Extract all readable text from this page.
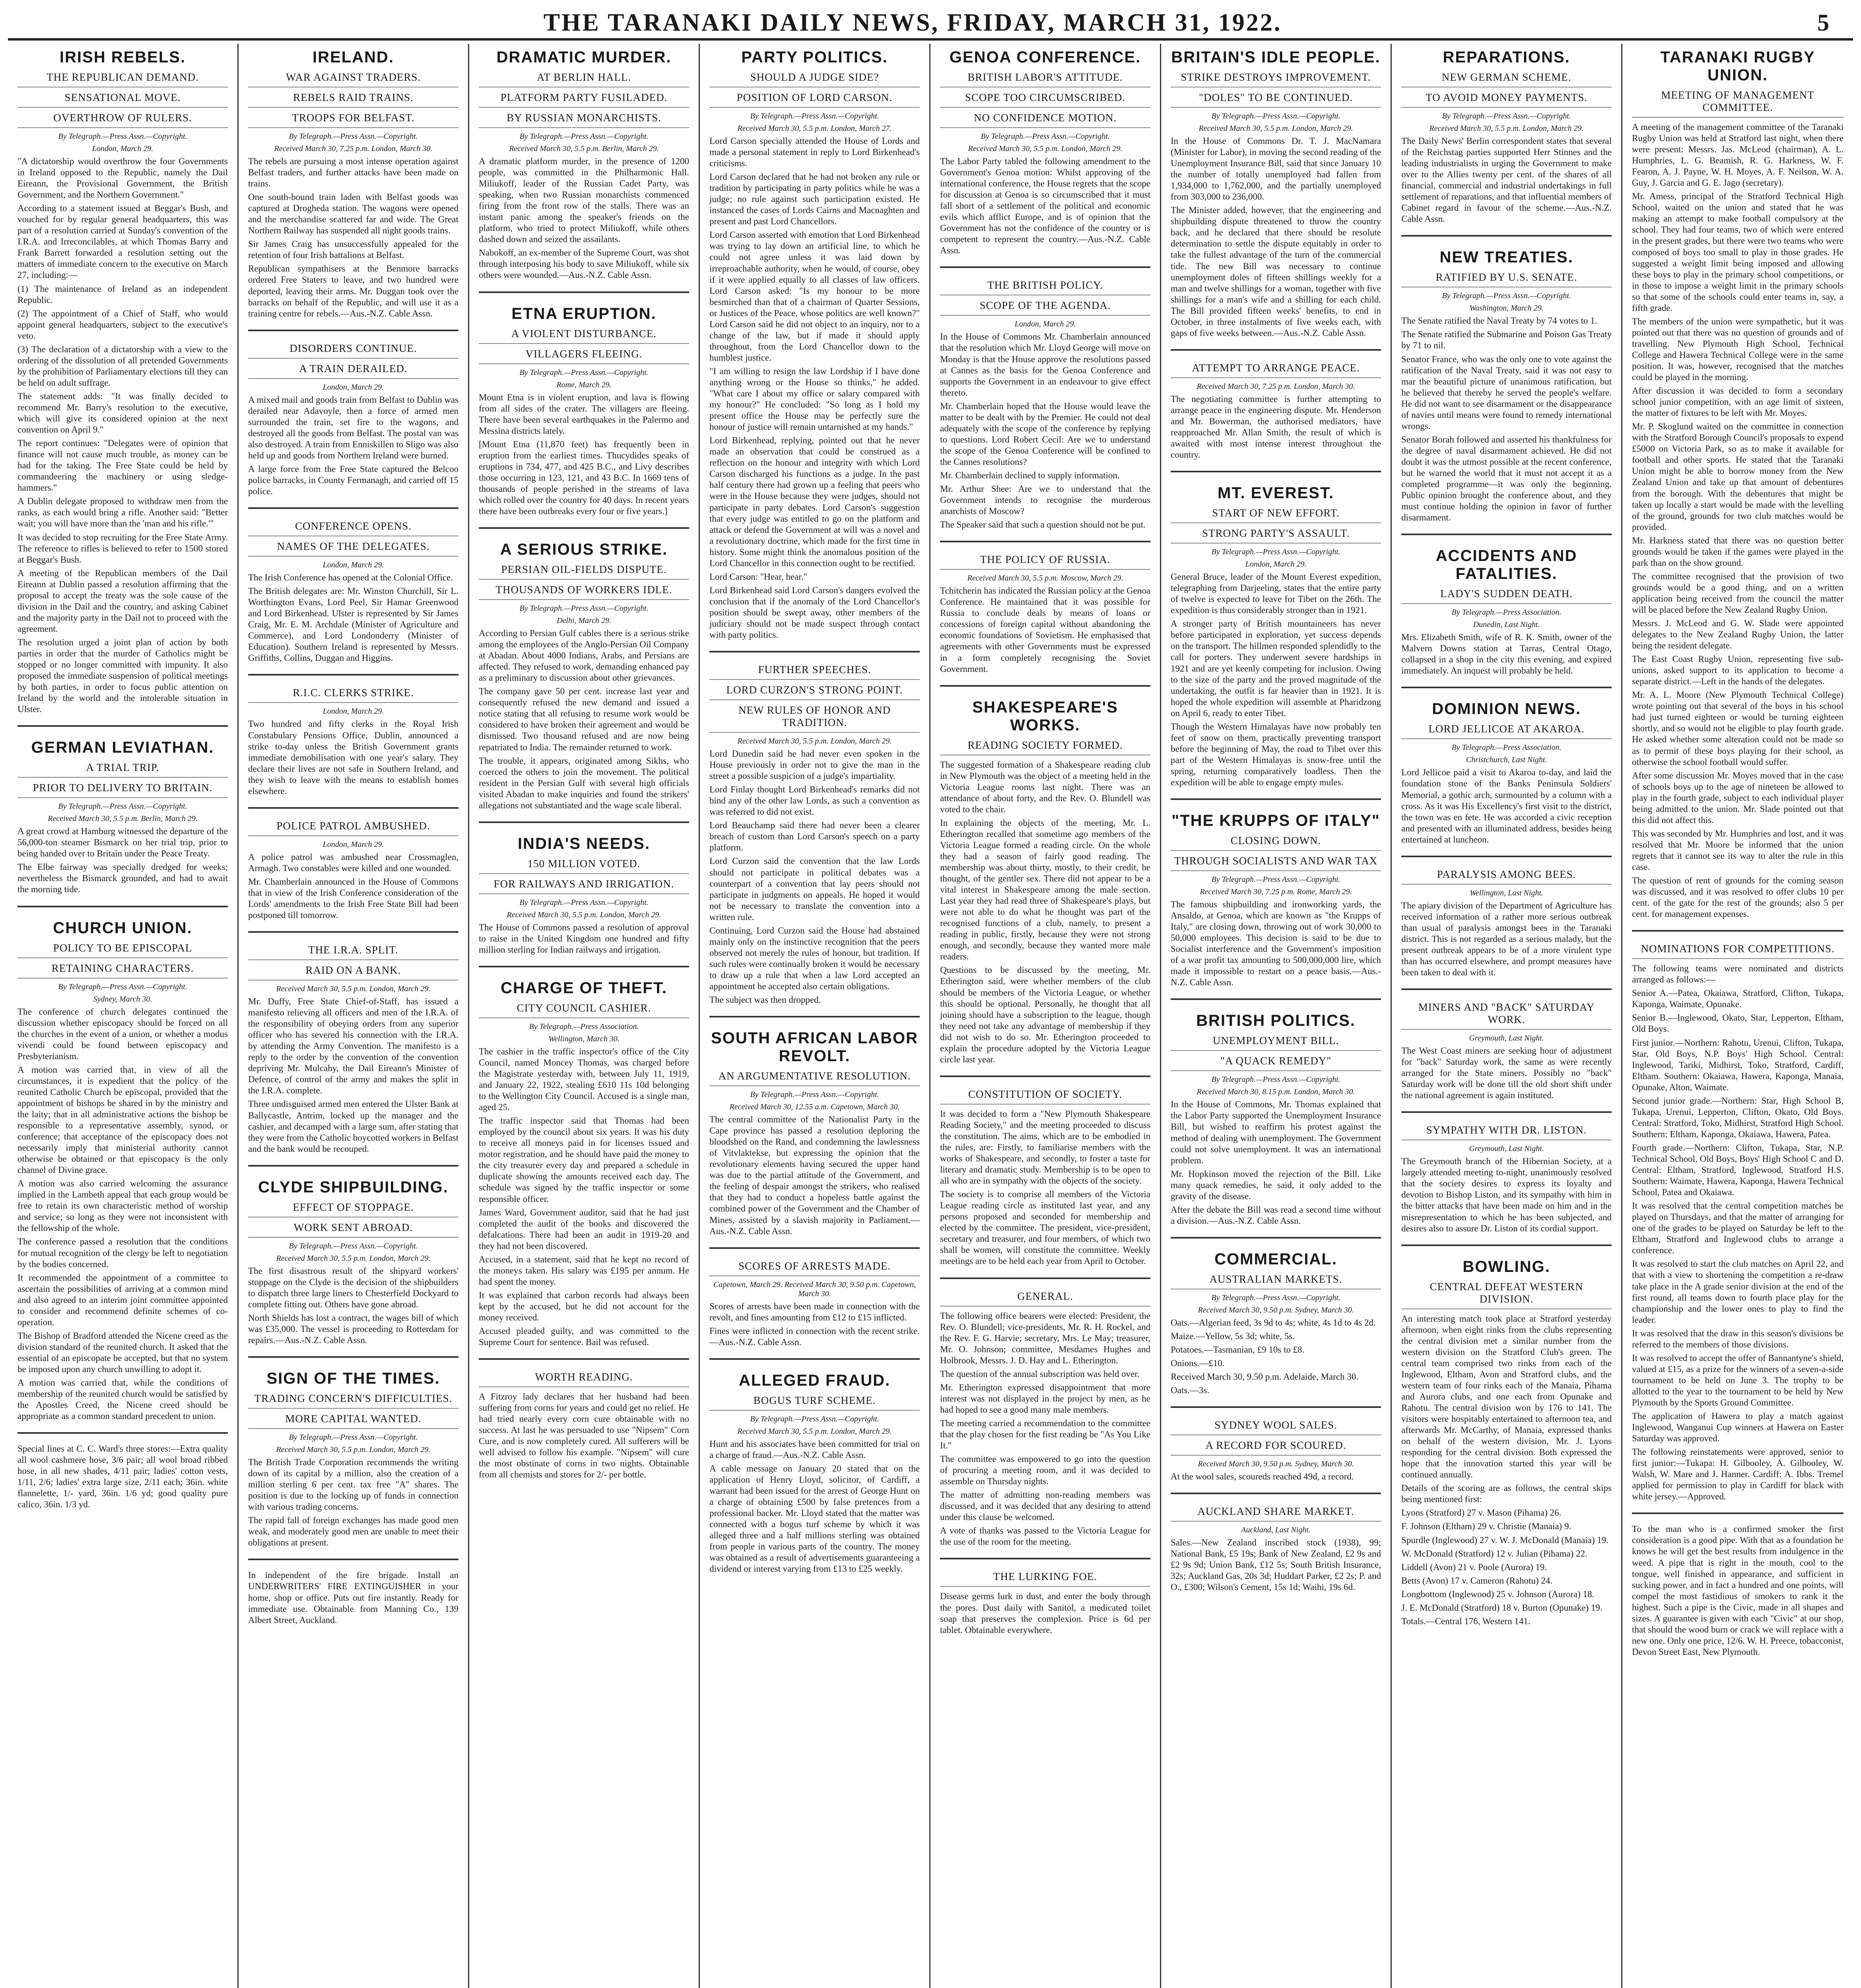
THE TARANAKI DAILY NEWS, FRIDAY, MARCH 31, 1922.	5
IRISH REBELS.
THE REPUBLICAN DEMAND.
SENSATIONAL MOVE.
OVERTHROW OF RULERS.
By Telegraph.—Press Assn.—Copyright.
London, March 29.

"A dictatorship would overthrow the four Governments in Ireland opposed to the Republic, namely the Dail Eireann, the Provisional Government, the British Government, and the Northern Government."

According to a statement issued at Beggar's Bush, and vouched for by regular general headquarters, this was part of a resolution carried at Sunday's convention of the I.R.A. and Irreconcilables, at which Thomas Barry and Frank Barrett forwarded a resolution setting out the matters of immediate concern to the executive on March 27, including:—

(1) The maintenance of Ireland as an independent Republic.

(2) The appointment of a Chief of Staff, who would appoint general headquarters, subject to the executive's veto.

(3) The declaration of a dictatorship with a view to the ordering of the dissolution of all pretended Governments by the prohibition of Parliamentary elections till they can be held on adult suffrage.

The statement adds: "It was finally decided to recommend Mr. Barry's resolution to the executive, which will give its considered opinion at the next convention on April 9."

The report continues: "Delegates were of opinion that finance will not cause much trouble, as money can be had for the taking. The Free State could be held by commandeering the machinery or using sledge-hammers."

A Dublin delegate proposed to withdraw men from the ranks, as each would bring a rifle. Another said: "Better wait; you will have more than the 'man and his rifle.'"

It was decided to stop recruiting for the Free State Army. The reference to rifles is believed to refer to 1500 stored at Beggar's Bush.

A meeting of the Republican members of the Dail Eireann at Dublin passed a resolution affirming that the proposal to accept the treaty was the sole cause of the division in the Dail and the country, and asking Cabinet and the majority party in the Dail not to proceed with the agreement.

The resolution urged a joint plan of action by both parties in order that the murder of Catholics might be stopped or no longer committed with impunity. It also proposed the immediate suspension of political meetings by both parties, in order to focus public attention on Ireland by the world and the intolerable situation in Ulster.

GERMAN LEVIATHAN.
A TRIAL TRIP.
PRIOR TO DELIVERY TO BRITAIN.
By Telegraph.—Press Assn.—Copyright.
Received March 30, 5.5 p.m. Berlin, March 29.

A great crowd at Hamburg witnessed the departure of the 56,000-ton steamer Bismarck on her trial trip, prior to being handed over to Britain under the Peace Treaty.

The Elbe fairway was specially dredged for weeks; nevertheless the Bismarck grounded, and had to await the morning tide.

CHURCH UNION.
POLICY TO BE EPISCOPAL
RETAINING CHARACTERS.
By Telegraph.—Press Assn.—Copyright.
Sydney, March 30.

The conference of church delegates continued the discussion whether episcopacy should be forced on all the churches in the event of a union, or whether a modus vivendi could be found between episcopacy and Presbyterianism.

A motion was carried that, in view of all the circumstances, it is expedient that the policy of the reunited Catholic Church be episcopal, provided that the appointment of bishops be shared in by the ministry and the laity; that in all administrative actions the bishop be responsible to a representative assembly, synod, or conference; that acceptance of the episcopacy does not necessarily imply that ministerial authority cannot otherwise be obtained or that episcopacy is the only channel of Divine grace.

A motion was also carried welcoming the assurance implied in the Lambeth appeal that each group would be free to retain its own characteristic method of worship and service; so long as they were not inconsistent with the fellowship of the whole.

The conference passed a resolution that the conditions for mutual recognition of the clergy be left to negotiation by the bodies concerned.

It recommended the appointment of a committee to ascertain the possibilities of arriving at a common mind and also agreed to an interim joint committee appointed to consider and recommend definite schemes of co-operation.

The Bishop of Bradford attended the Nicene creed as the division standard of the reunited church. It asked that the essential of an episcopate be accepted, but that no system be imposed upon any church unwilling to adopt it.

A motion was carried that, while the conditions of membership of the reunited church would be satisfied by the Apostles Creed, the Nicene creed should be appropriate as a common standard precedent to union.

Special lines at C. C. Ward's three stores:—Extra quality all wool cashmere hose, 3/6 pair; all wool broad ribbed hose, in all new shades, 4/11 pair; ladies' cotton vests, 1/11, 2/6; ladies' extra large size, 2/11 each; 36in. white flannelette, 1/- yard, 36in. 1/6 yd; good quality pure calico, 36in. 1/3 yd.

IRELAND.
WAR AGAINST TRADERS.
REBELS RAID TRAINS.
TROOPS FOR BELFAST.
By Telegraph.—Press Assn.—Copyright.
Received March 30, 7.25 p.m. London, March 30.

The rebels are pursuing a most intense operation against Belfast traders, and further attacks have been made on trains.

One south-bound train laden with Belfast goods was captured at Drogheda station. The wagons were opened and the merchandise scattered far and wide. The Great Northern Railway has suspended all night goods trains.

Sir James Craig has unsuccessfully appealed for the retention of four Irish battalions at Belfast.

Republican sympathisers at the Benmore barracks ordered Free Staters to leave, and two hundred were deported, leaving their arms. Mr. Duggan took over the barracks on behalf of the Republic, and will use it as a training centre for rebels.—Aus.-N.Z. Cable Assn.

DISORDERS CONTINUE.
A TRAIN DERAILED.
London, March 29.

A mixed mail and goods train from Belfast to Dublin was derailed near Adavoyle, then a force of armed men surrounded the train, set fire to the wagons, and destroyed all the goods from Belfast. The postal van was also destroyed. A train from Enniskillen to Sligo was also held up and goods from Northern Ireland were burned.

A large force from the Free State captured the Belcoo police barracks, in County Fermanagh, and carried off 15 police.

CONFERENCE OPENS.
NAMES OF THE DELEGATES.
London, March 29.

The Irish Conference has opened at the Colonial Office.

The British delegates are: Mr. Winston Churchill, Sir L. Worthington Evans, Lord Peel, Sir Hamar Greenwood and Lord Birkenhead. Ulster is represented by Sir James Craig, Mr. E. M. Archdale (Minister of Agriculture and Commerce), and Lord Londonderry (Minister of Education). Southern Ireland is represented by Messrs. Griffiths, Collins, Duggan and Higgins.

R.I.C. CLERKS STRIKE.
London, March 29.

Two hundred and fifty clerks in the Royal Irish Constabulary Pensions Office, Dublin, announced a strike to-day unless the British Government grants immediate demobilisation with one year's salary. They declare their lives are not safe in Southern Ireland, and they wish to leave with the means to establish homes elsewhere.

POLICE PATROL AMBUSHED.
London, March 29.

A police patrol was ambushed near Crossmaglen, Armagh. Two constables were killed and one wounded.

Mr. Chamberlain announced in the House of Commons that in view of the Irish Conference consideration of the Lords' amendments to the Irish Free State Bill had been postponed till tomorrow.

THE I.R.A. SPLIT.
RAID ON A BANK.
Received March 30, 5.5 p.m. London, March 29.

Mr. Duffy, Free State Chief-of-Staff, has issued a manifesto relieving all officers and men of the I.R.A. of the responsibility of obeying orders from any superior officer who has severed his connection with the I.R.A. by attending the Army Convention. The manifesto is a reply to the order by the convention of the convention depriving Mr. Mulcahy, the Dail Eireann's Minister of Defence, of control of the army and makes the split in the I.R.A. complete.

Three undisguised armed men entered the Ulster Bank at Ballycastle, Antrim, locked up the manager and the cashier, and decamped with a large sum, after stating that they were from the Catholic boycotted workers in Belfast and the bank would be recouped.

CLYDE SHIPBUILDING.
EFFECT OF STOPPAGE.
WORK SENT ABROAD.
By Telegraph.—Press Assn.—Copyright.
Received March 30, 5.5 p.m. London, March 29.

The first disastrous result of the shipyard workers' stoppage on the Clyde is the decision of the shipbuilders to dispatch three large liners to Chesterfield Dockyard to complete fitting out. Others have gone abroad.

North Shields has lost a contract, the wages bill of which was £35,000. The vessel is proceeding to Rotterdam for repairs.—Aus.-N.Z. Cable Assn.

SIGN OF THE TIMES.
TRADING CONCERN'S DIFFICULTIES.
MORE CAPITAL WANTED.
By Telegraph.—Press Assn.—Copyright.
Received March 30, 5.5 p.m. London, March 29.

The British Trade Corporation recommends the writing down of its capital by a million, also the creation of a million sterling 6 per cent. tax free "A" shares. The position is due to the locking up of funds in connection with various trading concerns.

The rapid fall of foreign exchanges has made good men weak, and moderately good men are unable to meet their obligations at present.

In independent of the fire brigade. Install an UNDERWRITERS' FIRE EXTINGUISHER in your home, shop or office. Puts out fire instantly. Ready for immediate use. Obtainable from Manning Co., 139 Albert Street, Auckland.

DRAMATIC MURDER.
AT BERLIN HALL.
PLATFORM PARTY FUSILADED.
BY RUSSIAN MONARCHISTS.
By Telegraph.—Press Assn.—Copyright.
Received March 30, 5.5 p.m. Berlin, March 29.

A dramatic platform murder, in the presence of 1200 people, was committed in the Philharmonic Hall. Miliukoff, leader of the Russian Cadet Party, was speaking, when two Russian monarchists commenced firing from the front row of the stalls. There was an instant panic among the speaker's friends on the platform, who tried to protect Miliukoff, while others dashed down and seized the assailants.

Nabokoff, an ex-member of the Supreme Court, was shot through interposing his body to save Miliukoff, while six others were wounded.—Aus.-N.Z. Cable Assn.

ETNA ERUPTION.
A VIOLENT DISTURBANCE.
VILLAGERS FLEEING.
By Telegraph.—Press Assn.—Copyright.
Rome, March 29.

Mount Etna is in violent eruption, and lava is flowing from all sides of the crater. The villagers are fleeing. There have been several earthquakes in the Palermo and Messina districts lately.

[Mount Etna (11,870 feet) has frequently been in eruption from the earliest times. Thucydides speaks of eruptions in 734, 477, and 425 B.C., and Livy describes those occurring in 123, 121, and 43 B.C. In 1669 tens of thousands of people perished in the streams of lava which rolled over the country for 40 days. In recent years there have been outbreaks every four or five years.]

A SERIOUS STRIKE.
PERSIAN OIL-FIELDS DISPUTE.
THOUSANDS OF WORKERS IDLE.
By Telegraph.—Press Assn.—Copyright.
Delhi, March 29.

According to Persian Gulf cables there is a serious strike among the employees of the Anglo-Persian Oil Company at Abadan. About 4000 Indians, Arabs, and Persians are affected. They refused to work, demanding enhanced pay as a preliminary to discussion about other grievances.

The company gave 50 per cent. increase last year and consequently refused the new demand and issued a notice stating that all refusing to resume work would be considered to have broken their agreement and would be dismissed. Two thousand refused and are now being repatriated to India. The remainder returned to work.

The trouble, it appears, originated among Sikhs, who coerced the others to join the movement. The political resident in the Persian Gulf with several high officials visited Abadan to make inquiries and found the strikers' allegations not substantiated and the wage scale liberal.

INDIA'S NEEDS.
150 MILLION VOTED.
FOR RAILWAYS AND IRRIGATION.
By Telegraph.—Press Assn.—Copyright.
Received March 30, 5.5 p.m. London, March 29.

The House of Commons passed a resolution of approval to raise in the United Kingdom one hundred and fifty million sterling for Indian railways and irrigation.

CHARGE OF THEFT.
CITY COUNCIL CASHIER.
By Telegraph.—Press Association.
Wellington, March 30.

The cashier in the traffic inspector's office of the City Council, named Moncey Thomas, was charged before the Magistrate yesterday with, between July 11, 1919, and January 22, 1922, stealing £610 11s 10d belonging to the Wellington City Council. Accused is a single man, aged 25.

The traffic inspector said that Thomas had been employed by the council about six years. It was his duty to receive all moneys paid in for licenses issued and motor registration, and he should have paid the money to the city treasurer every day and prepared a schedule in duplicate showing the amounts received each day. The schedule was signed by the traffic inspector or some responsible officer.

James Ward, Government auditor, said that he had just completed the audit of the books and discovered the defalcations. There had been an audit in 1919-20 and they had not been discovered.

Accused, in a statement, said that he kept no record of the moneys taken. His salary was £195 per annum. He had spent the money.

It was explained that carbon records had always been kept by the accused, but he did not account for the money received.

Accused pleaded guilty, and was committed to the Supreme Court for sentence. Bail was refused.

WORTH READING.

A Fitzroy lady declares that her husband had been suffering from corns for years and could get no relief. He had tried nearly every corn cure obtainable with no success. At last he was persuaded to use "Nipsem" Corn Cure, and is now completely cured. All sufferers will be well advised to follow his example. "Nipsem" will cure the most obstinate of corns in two nights. Obtainable from all chemists and stores for 2/- per bottle.

PARTY POLITICS.
SHOULD A JUDGE SIDE?
POSITION OF LORD CARSON.
By Telegraph.—Press Assn.—Copyright.
Received March 30, 5.5 p.m. London, March 27.

Lord Carson specially attended the House of Lords and made a personal statement in reply to Lord Birkenhead's criticisms.

Lord Carson declared that he had not broken any rule or tradition by participating in party politics while he was a judge; no rule against such participation existed. He instanced the cases of Lords Cairns and Macnaghten and present and past Lord Chancellors.

Lord Carson asserted with emotion that Lord Birkenhead was trying to lay down an artificial line, to which he could not agree unless it was laid down by irreproachable authority, when he would, of course, obey if it were applied equally to all classes of law officers. Lord Carson asked: "Is my honour to be more besmirched than that of a chairman of Quarter Sessions, or Justices of the Peace, whose politics are well known?" Lord Carson said he did not object to an inquiry, nor to a change of the law, but if made it should apply throughout, from the Lord Chancellor down to the humblest justice.

"I am willing to resign the law Lordship if I have done anything wrong or the House so thinks," he added. "What care I about my office or salary compared with my honour?" He concluded: "So long as I hold my present office the House may be perfectly sure the honour of justice will remain untarnished at my hands."

Lord Birkenhead, replying, pointed out that he never made an observation that could be construed as a reflection on the honour and integrity with which Lord Carson discharged his functions as a judge. In the past half century there had grown up a feeling that peers who were in the House because they were judges, should not participate in party debates. Lord Carson's suggestion that every judge was entitled to go on the platform and attack or defend the Government at will was a novel and a revolutionary doctrine, which made for the first time in history. Some might think the anomalous position of the Lord Chancellor in this connection ought to be rectified.

Lord Carson: "Hear, hear."

Lord Birkenhead said Lord Carson's dangers evolved the conclusion that if the anomaly of the Lord Chancellor's position should be swept away, other members of the judiciary should not be made suspect through contact with party politics.

FURTHER SPEECHES.
LORD CURZON'S STRONG POINT.
NEW RULES OF HONOR AND TRADITION.
Received March 30, 5.5 p.m. London, March 29.

Lord Dunedin said he had never even spoken in the House previously in order not to give the man in the street a possible suspicion of a judge's impartiality.

Lord Finlay thought Lord Birkenhead's remarks did not bind any of the other law Lords, as such a convention as was referred to did not exist.

Lord Beauchamp said there had never been a clearer breach of custom than Lord Carson's speech on a party platform.

Lord Curzon said the convention that the law Lords should not participate in political debates was a counterpart of a convention that lay peers should not participate in judgments on appeals. He hoped it would not be necessary to translate the convention into a written rule.

Continuing, Lord Curzon said the House had abstained mainly only on the instinctive recognition that the peers observed not merely the rules of honour, but tradition. If such rules were continually broken it would be necessary to draw up a rule that when a law Lord accepted an appointment he accepted also certain obligations.

The subject was then dropped.

SOUTH AFRICAN LABOR REVOLT.
AN ARGUMENTATIVE RESOLUTION.
By Telegraph.—Press Assn.—Copyright.
Received March 30, 12.55 a.m. Capetown, March 30.

The central committee of the Nationalist Party in the Cape province has passed a resolution deploring the bloodshed on the Rand, and condemning the lawlessness of Vitvlaktekse, but expressing the opinion that the revolutionary elements having secured the upper hand was due to the partial attitude of the Government, and the feeling of despair amongst the strikers, who realised that they had to conduct a hopeless battle against the combined power of the Government and the Chamber of Mines, assisted by a slavish majority in Parliament.—Aus.-N.Z. Cable Assn.

SCORES OF ARRESTS MADE.
Capetown, March 29. Received March 30, 9.50 p.m. Capetown, March 30.

Scores of arrests have been made in connection with the revolt, and fines amounting from £12 to £15 inflicted.

Fines were inflicted in connection with the recent strike.—Aus.-N.Z. Cable Assn.

ALLEGED FRAUD.
BOGUS TURF SCHEME.
By Telegraph.—Press Assn.—Copyright.
Received March 30, 5.5 p.m. London, March 29.

Hunt and his associates have been committed for trial on a charge of fraud.—Aus.-N.Z. Cable Assn.

A cable message on January 20 stated that on the application of Henry Lloyd, solicitor, of Cardiff, a warrant had been issued for the arrest of George Hunt on a charge of obtaining £500 by false pretences from a professional backer. Mr. Lloyd stated that the matter was connected with a bogus turf scheme by which it was alleged three and a half millions sterling was obtained from people in various parts of the country. The money was obtained as a result of advertisements guaranteeing a dividend or interest varying from £13 to £25 weekly.

GENOA CONFERENCE.
BRITISH LABOR'S ATTITUDE.
SCOPE TOO CIRCUMSCRIBED.
NO CONFIDENCE MOTION.
By Telegraph.—Press Assn.—Copyright.
Received March 30, 5.5 p.m. London, March 29.

The Labor Party tabled the following amendment to the Government's Genoa motion: Whilst approving of the international conference, the House regrets that the scope for discussion at Genoa is so circumscribed that it must fall short of a settlement of the political and economic evils which afflict Europe, and is of opinion that the Government has not the confidence of the country or is competent to represent the country.—Aus.-N.Z. Cable Assn.

THE BRITISH POLICY.
SCOPE OF THE AGENDA.
London, March 29.

In the House of Commons Mr. Chamberlain announced that the resolution which Mr. Lloyd George will move on Monday is that the House approve the resolutions passed at Cannes as the basis for the Genoa Conference and supports the Government in an endeavour to give effect thereto.

Mr. Chamberlain hoped that the House would leave the matter to be dealt with by the Premier. He could not deal adequately with the scope of the conference by replying to questions. Lord Robert Cecil: Are we to understand the scope of the Genoa Conference will be confined to the Cannes resolutions?

Mr. Chamberlain declined to supply information.

Mr. Arthur Shee: Are we to understand that the Government intends to recognise the murderous anarchists of Moscow?

The Speaker said that such a question should not be put.

THE POLICY OF RUSSIA.
Received March 30, 5.5 p.m. Moscow, March 29.

Tchitcherin has indicated the Russian policy at the Genoa Conference. He maintained that it was possible for Russia to conclude deals by means of loans or concessions of foreign capital without abandoning the economic foundations of Sovietism. He emphasised that agreements with other Governments must be expressed in a form completely recognising the Soviet Government.

SHAKESPEARE'S WORKS.
READING SOCIETY FORMED.

The suggested formation of a Shakespeare reading club in New Plymouth was the object of a meeting held in the Victoria League rooms last night. There was an attendance of about forty, and the Rev. O. Blundell was voted to the chair.

In explaining the objects of the meeting, Mr. L. Etherington recalled that sometime ago members of the Victoria League formed a reading circle. On the whole they had a season of fairly good reading. The membership was about thirty, mostly, to their credit, he thought, of the gentler sex. There did not appear to be a vital interest in Shakespeare among the male section. Last year they had read three of Shakespeare's plays, but were not able to do what he thought was part of the recognised functions of a club, namely, to present a reading in public, firstly, because they were not strong enough, and secondly, because they wanted more male readers.

Questions to be discussed by the meeting, Mr. Etherington said, were whether members of the club should be members of the Victoria League, or whether this should be optional. Personally, he thought that all joining should have a subscription to the league, though they need not take any advantage of membership if they did not wish to do so. Mr. Etherington proceeded to explain the procedure adopted by the Victoria League circle last year.

CONSTITUTION OF SOCIETY.

It was decided to form a "New Plymouth Shakespeare Reading Society," and the meeting proceeded to discuss the constitution. The aims, which are to be embodied in the rules, are: Firstly, to familiarise members with the works of Shakespeare, and secondly, to foster a taste for literary and dramatic study. Membership is to be open to all who are in sympathy with the objects of the society.

The society is to comprise all members of the Victoria League reading circle as instituted last year, and any persons proposed and seconded for membership and elected by the committee. The president, vice-president, secretary and treasurer, and four members, of which two shall be women, will constitute the committee. Weekly meetings are to be held each year from April to October.

GENERAL.

The following office bearers were elected: President, the Rev. O. Blundell; vice-presidents, Mr. R. H. Rockel, and the Rev. F. G. Harvie; secretary, Mrs. Le May; treasurer, Mr. O. Johnson; committee, Mesdames Hughes and Holbrook, Messrs. J. D. Hay and L. Etherington.

The question of the annual subscription was held over.

Mr. Etherington expressed disappointment that more interest was not displayed in the project by men, as he had hoped to see a good many male members.

The meeting carried a recommendation to the committee that the play chosen for the first reading be "As You Like It."

The committee was empowered to go into the question of procuring a meeting room, and it was decided to assemble on Thursday nights.

The matter of admitting non-reading members was discussed, and it was decided that any desiring to attend under this clause be welcomed.

A vote of thanks was passed to the Victoria League for the use of the room for the meeting.

THE LURKING FOE.

Disease germs lurk in dust, and enter the body through the pores. Dust daily with Sanitol, a medicated toilet soap that preserves the complexion. Price is 6d per tablet. Obtainable everywhere.

BRITAIN'S IDLE PEOPLE.
STRIKE DESTROYS IMPROVEMENT.
"DOLES" TO BE CONTINUED.
By Telegraph.—Press Assn.—Copyright.
Received March 30, 5.5 p.m. London, March 29.

In the House of Commons Dr. T. J. MacNamara (Minister for Labor), in moving the second reading of the Unemployment Insurance Bill, said that since January 10 the number of totally unemployed had fallen from 1,934,000 to 1,762,000, and the partially unemployed from 303,000 to 236,000.

The Minister added, however, that the engineering and shipbuilding dispute threatened to throw the country back, and he declared that there should be resolute determination to settle the dispute equitably in order to take the fullest advantage of the turn of the commercial tide. The new Bill was necessary to continue unemployment doles of fifteen shillings weekly for a man and twelve shillings for a woman, together with five shillings for a man's wife and a shilling for each child. The Bill provided fifteen weeks' benefits, to end in October, in three instalments of five weeks each, with gaps of five weeks between.—Aus.-N.Z. Cable Assn.

ATTEMPT TO ARRANGE PEACE.
Received March 30, 7.25 p.m. London, March 30.

The negotiating committee is further attempting to arrange peace in the engineering dispute. Mr. Henderson and Mr. Bowerman, the authorised mediators, have reapproached Mr. Allan Smith, the result of which is awaited with most intense interest throughout the country.

MT. EVEREST.
START OF NEW EFFORT.
STRONG PARTY'S ASSAULT.
By Telegraph.—Press Assn.—Copyright.
London, March 29.

General Bruce, leader of the Mount Everest expedition, telegraphing from Darjeeling, states that the entire party of twelve is expected to leave for Tibet on the 26th. The expedition is thus considerably stronger than in 1921.

A stronger party of British mountaineers has never before participated in exploration, yet success depends on the transport. The hillmen responded splendidly to the call for porters. They underwent severe hardships in 1921 and are yet keenly competing for inclusion. Owing to the size of the party and the proved magnitude of the undertaking, the outfit is far heavier than in 1921. It is hoped the whole expedition will assemble at Pharidzong on April 6, ready to enter Tibet.

Though the Western Himalayas have now probably ten feet of snow on them, practically preventing transport before the beginning of May, the road to Tibet over this part of the Western Himalayas is snow-free until the spring, returning comparatively loadless. Then the expedition will be able to engage empty mules.

"THE KRUPPS OF ITALY"
CLOSING DOWN.
THROUGH SOCIALISTS AND WAR TAX
By Telegraph.—Press Assn.—Copyright.
Received March 30, 7.25 p.m. Rome, March 29.

The famous shipbuilding and ironworking yards, the Ansaldo, at Genoa, which are known as "the Krupps of Italy," are closing down, throwing out of work 30,000 to 50,000 employees. This decision is said to be due to Socialist interference and the Government's imposition of a war profit tax amounting to 500,000,000 lire, which made it impossible to restart on a peace basis.—Aus.-N.Z. Cable Assn.

BRITISH POLITICS.
UNEMPLOYMENT BILL.
"A QUACK REMEDY"
By Telegraph.—Press Assn.—Copyright.
Received March 30, 8.15 p.m. London, March 30.

In the House of Commons, Mr. Thomas explained that the Labor Party supported the Unemployment Insurance Bill, but wished to reaffirm his protest against the method of dealing with unemployment. The Government could not solve unemployment. It was an international problem.

Mr. Hopkinson moved the rejection of the Bill. Like many quack remedies, he said, it only added to the gravity of the disease.

After the debate the Bill was read a second time without a division.—Aus.-N.Z. Cable Assn.

COMMERCIAL.
AUSTRALIAN MARKETS.
By Telegraph.—Press Assn.—Copyright.
Received March 30, 9.50 p.m. Sydney, March 30.

Oats.—Algerian feed, 3s 9d to 4s; white, 4s 1d to 4s 2d.

Maize.—Yellow, 5s 3d; white, 5s.

Potatoes.—Tasmanian, £9 10s to £8.

Onions.—£10.

Received March 30, 9.50 p.m. Adelaide, March 30.

Oats.—3s.

SYDNEY WOOL SALES.
A RECORD FOR SCOURED.
Received March 30, 9.50 p.m. Sydney, March 30.

At the wool sales, scoureds reached 49d, a record.

AUCKLAND SHARE MARKET.
Auckland, Last Night.

Sales.—New Zealand inscribed stock (1938), 99; National Bank, £5 19s; Bank of New Zealand, £2 9s and £2 9s 9d; Union Bank, £12 5s; South British Insurance, 32s; Auckland Gas, 20s 3d; Huddart Parker, £2 2s; P. and O., £300; Wilson's Cement, 15s 1d; Waihi, 19s 6d.

REPARATIONS.
NEW GERMAN SCHEME.
TO AVOID MONEY PAYMENTS.
By Telegraph.—Press Assn.—Copyright.
Received March 30, 5.5 p.m. London, March 29.

The Daily News' Berlin correspondent states that several of the Reichstag parties supported Herr Stinnes and the leading industrialists in urging the Government to make over to the Allies twenty per cent. of the shares of all financial, commercial and industrial undertakings in full settlement of reparations, and that influential members of Cabinet regard in favour of the scheme.—Aus.-N.Z. Cable Assn.

NEW TREATIES.
RATIFIED BY U.S. SENATE.
By Telegraph.—Press Assn.—Copyright.
Washington, March 29.

The Senate ratified the Naval Treaty by 74 votes to 1.

The Senate ratified the Submarine and Poison Gas Treaty by 71 to nil.

Senator France, who was the only one to vote against the ratification of the Naval Treaty, said it was not easy to mar the beautiful picture of unanimous ratification, but he believed that thereby he served the people's welfare. He did not want to see disarmament or the disappearance of navies until means were found to remedy international wrongs.

Senator Borah followed and asserted his thankfulness for the degree of naval disarmament achieved. He did not doubt it was the utmost possible at the recent conference, but he warned the world that it must not accept it as a completed programme—it was only the beginning. Public opinion brought the conference about, and they must continue holding the opinion in favor of further disarmament.

ACCIDENTS AND FATALITIES.
LADY'S SUDDEN DEATH.
By Telegraph.—Press Association.
Dunedin, Last Night.

Mrs. Elizabeth Smith, wife of R. K. Smith, owner of the Malvern Downs station at Tarras, Central Otago, collapsed in a shop in the city this evening, and expired immediately. An inquest will probably be held.

DOMINION NEWS.
LORD JELLICOE AT AKAROA.
By Telegraph.—Press Association.
Christchurch, Last Night.

Lord Jellicoe paid a visit to Akaroa to-day, and laid the foundation stone of the Banks Peninsula Soldiers' Memorial, a gothic arch, surmounted by a column with a cross. As it was His Excellency's first visit to the district, the town was en fete. He was accorded a civic reception and presented with an illuminated address, besides being entertained at luncheon.

PARALYSIS AMONG BEES.
Wellington, Last Night.

The apiary division of the Department of Agriculture has received information of a rather more serious outbreak than usual of paralysis amongst bees in the Taranaki district. This is not regarded as a serious malady, but the present outbreak appears to be of a more virulent type than has occurred elsewhere, and prompt measures have been taken to deal with it.

MINERS AND "BACK" SATURDAY WORK.
Greymouth, Last Night.

The West Coast miners are seeking hour of adjustment for "back" Saturday work, the same as were recently arranged for the State miners. Possibly no "back" Saturday work will be done till the old short shift under the national agreement is again instituted.

SYMPATHY WITH DR. LISTON.
Greymouth, Last Night.

The Greymouth branch of the Hibernian Society, at a largely attended meeting to-night, unanimously resolved that the society desires to express its loyalty and devotion to Bishop Liston, and its sympathy with him in the bitter attacks that have been made on him and in the misrepresentation to which he has been subjected, and desires also to assure Dr. Liston of its cordial support.

BOWLING.
CENTRAL DEFEAT WESTERN DIVISION.

An interesting match took place at Stratford yesterday afternoon, when eight rinks from the clubs representing the central division met a similar number from the western division on the Stratford Club's green. The central team comprised two rinks from each of the Inglewood, Eltham, Avon and Stratford clubs, and the western team of four rinks each of the Manaia, Pihama and Aurora clubs, and one each from Opunake and Rahotu. The central division won by 176 to 141. The visitors were hospitably entertained to afternoon tea, and afterwards Mr. McCarthy, of Manaia, expressed thanks on behalf of the western division, Mr. J. Lyons responding for the central division. Both expressed the hope that the innovation started this year will be continued annually.

Details of the scoring are as follows, the central skips being mentioned first:

Lyons (Stratford) 27 v. Mason (Pihama) 26.

F. Johnson (Eltham) 29 v. Christie (Manaia) 9.

Spurdle (Inglewood) 27 v. W. J. McDonald (Manaia) 19.

W. McDonald (Stratford) 12 v. Julian (Pihama) 22.

Liddell (Avon) 21 v. Poole (Aurora) 19.

Betts (Avon) 17 v. Cameron (Rahotu) 24.

Longbottom (Inglewood) 25 v. Johnson (Aurora) 18.

J. E. McDonald (Stratford) 18 v. Burton (Opunake) 19.

Totals.—Central 176, Western 141.

TARANAKI RUGBY UNION.
MEETING OF MANAGEMENT COMMITTEE.

A meeting of the management committee of the Taranaki Rugby Union was held at Stratford last night, when there were present: Messrs. Jas. McLeod (chairman), A. L. Humphries, L. G. Beamish, R. G. Harkness, W. F. Fearon, A. J. Payne, W. H. Moyes, A. F. Neilson, W. A. Guy, J. Garcia and G. E. Jago (secretary).

Mr. Amess, principal of the Stratford Technical High School, waited on the union and stated that he was making an attempt to make football compulsory at the school. They had four teams, two of which were entered in the present grades, but there were two teams who were composed of boys too small to play in those grades. He suggested a weight limit being imposed and allowing these boys to play in the primary school competitions, or in those to impose a weight limit in the primary schools so that some of the schools could enter teams in, say, a fifth grade.

The members of the union were sympathetic, but it was pointed out that there was no question of grounds and of travelling. New Plymouth High School, Technical College and Hawera Technical College were in the same position. It was, however, recognised that the matches could be played in the morning.

After discussion it was decided to form a secondary school junior competition, with an age limit of sixteen, the matter of fixtures to be left with Mr. Moyes.

Mr. P. Skoglund waited on the committee in connection with the Stratford Borough Council's proposals to expend £5000 on Victoria Park, so as to make it available for football and other sports. He stated that the Taranaki Union might be able to borrow money from the New Zealand Union and take up that amount of debentures from the borough. With the debentures that might be taken up locally a start would be made with the levelling of the ground, grounds for two club matches would be provided.

Mr. Harkness stated that there was no question better grounds would be taken if the games were played in the park than on the show ground.

The committee recognised that the provision of two grounds would be a good thing, and on a written application being received from the council the matter will be placed before the New Zealand Rugby Union.

Messrs. J. McLeod and G. W. Slade were appointed delegates to the New Zealand Rugby Union, the latter being the resident delegate.

The East Coast Rugby Union, representing five sub-unions, asked support to its application to become a separate district.—Left in the hands of the delegates.

Mr. A. L. Moore (New Plymouth Technical College) wrote pointing out that several of the boys in his school had just turned eighteen or would be turning eighteen shortly, and so would not be eligible to play fourth grade. He asked whether some alteration could not be made so as to permit of these boys playing for their school, as otherwise the school football would suffer.

After some discussion Mr. Moyes moved that in the case of schools boys up to the age of nineteen be allowed to play in the fourth grade, subject to each individual player being admitted to the union. Mr. Slade pointed out that this did not affect this.

This was seconded by Mr. Humphries and lost, and it was resolved that Mr. Moore be informed that the union regrets that it cannot see its way to alter the rule in this case.

The question of rent of grounds for the coming season was discussed, and it was resolved to offer clubs 10 per cent. of the gate for the rest of the grounds; also 5 per cent. for management expenses.

NOMINATIONS FOR COMPETITIONS.

The following teams were nominated and districts arranged as follows:—

Senior A.—Patea, Okaiawa, Stratford, Clifton, Tukapa, Kaponga, Waimate, Opunake.

Senior B.—Inglewood, Okato, Star, Lepperton, Eltham, Old Boys.

First junior.—Northern: Rahotu, Urenui, Clifton, Tukapa, Star, Old Boys, N.P. Boys' High School. Central: Inglewood, Tariki, Midhirst, Toko, Stratford, Cardiff, Eltham. Southern: Okaiawa, Hawera, Kaponga, Manaia, Opunake, Alton, Waimate.

Second junior grade.—Northern: Star, High School B, Tukapa, Urenui, Lepperton, Clifton, Okato, Old Boys. Central: Stratford, Toko, Midhirst, Stratford High School. Southern: Eltham, Kaponga, Okaiawa, Hawera, Patea.

Fourth grade.—Northern: Clifton, Tukapa, Star, N.P. Technical School, Old Boys, Boys' High School C and D. Central: Eltham, Stratford, Inglewood, Stratford H.S. Southern: Waimate, Hawera, Kaponga, Hawera Technical School, Patea and Okaiawa.

It was resolved that the central competition matches be played on Thursdays, and that the matter of arranging for one of the grades to be played on Saturday be left to the Eltham, Stratford and Inglewood clubs to arrange a conference.

It was resolved to start the club matches on April 22, and that with a view to shortening the competition a re-draw take place in the A grade senior division at the end of the first round, all teams down to fourth place play for the championship and the lower ones to play to find the leader.

It was resolved that the draw in this season's divisions be referred to the members of those divisions.

It was resolved to accept the offer of Bannantyne's shield, valued at £15, as a prize for the winners of a seven-a-side tournament to be held on June 3. The trophy to be allotted to the year to the tournament to be held by New Plymouth by the Sports Ground Committee.

The application of Hawera to play a match against Inglewood, Wanganui Cup winners at Hawera on Easter Saturday was approved.

The following reinstatements were approved, senior to first junior:—Tukapa: H. Gilbooley, A. Gilbooley, W. Walsh, W. Mare and J. Hanner. Cardiff: A. Ibbs. Tremel applied for permission to play in Cardiff for black with white jersey.—Approved.

To the man who is a confirmed smoker the first consideration is a good pipe. With that as a foundation he knows he will get the best results from indulgence in the weed. A pipe that is right in the mouth, cool to the tongue, well finished in appearance, and sufficient in sucking power, and in fact a hundred and one points, will compel the most fastidious of smokers to rank it the highest. Such a pipe is the Civic, made in all shapes and sizes. A guarantee is given with each "Civic" at our shop, that should the wood burn or crack we will replace with a new one. Only one price, 12/6. W. H. Preece, tobacconist, Devon Street East, New Plymouth.
